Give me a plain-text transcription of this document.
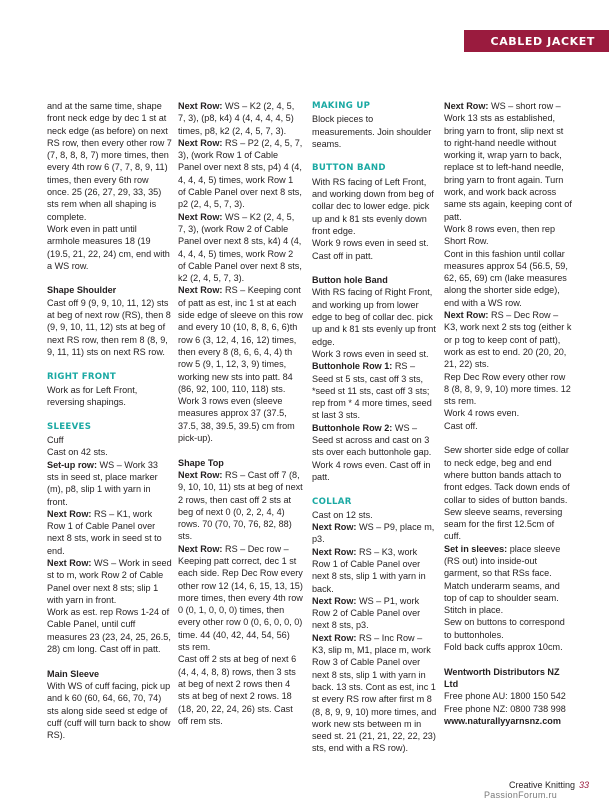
CABLED JACKET

and at the same time, shape front neck edge by dec 1 st at neck edge (as before) on next RS row, then every other row 7 (7, 8, 8, 8, 7) more times, then every 4th row 6 (7, 7, 8, 9, 11) times, then every 6th row once. 25 (26, 27, 29, 33, 35) sts rem when all shaping is complete.

Work even in patt until armhole measures 18 (19 (19.5, 21, 22, 24) cm, end with a WS row.

Shape Shoulder

Cast off 9 (9, 9, 10, 11, 12) sts at beg of next row (RS), then 8 (9, 9, 10, 11, 12) sts at beg of next RS row, then rem 8 (8, 9, 9, 11, 11) sts on next RS row.

RIGHT FRONT

Work as for Left Front, reversing shapings.

SLEEVES

Cuff

Cast on 42 sts.

Set-up row: WS – Work 33 sts in seed st, place marker (m), p8, slip 1 with yarn in front.

Next Row: RS – K1, work Row 1 of Cable Panel over next 8 sts, work in seed st to end.

Next Row: WS – Work in seed st to m, work Row 2 of Cable Panel over next 8 sts; slip 1 with yarn in front.

Work as est. rep Rows 1-24 of Cable Panel, until cuff measures 23 (23, 24, 25, 26.5, 28) cm long. Cast off in patt.

Main Sleeve

With WS of cuff facing, pick up and k 60 (60, 64, 66, 70, 74) sts along side seed st edge of cuff (cuff will turn back to show RS).

Next Row: WS – K2 (2, 4, 5, 7, 3), (p8, k4) 4 (4, 4, 4, 4, 5) times, p8, k2 (2, 4, 5, 7, 3).

Next Row: RS – P2 (2, 4, 5, 7, 3), (work Row 1 of Cable Panel over next 8 sts, p4) 4 (4, 4, 4, 4, 5) times, work Row 1 of Cable Panel over next 8 sts, p2 (2, 4, 5, 7, 3).

Next Row: WS – K2 (2, 4, 5, 7, 3), (work Row 2 of Cable Panel over next 8 sts, k4) 4 (4, 4, 4, 4, 5) times, work Row 2 of Cable Panel over next 8 sts, k2 (2, 4, 5, 7, 3).

Next Row: RS – Keeping cont of patt as est, inc 1 st at each side edge of sleeve on this row and every 10 (10, 8, 8, 6, 6)th row 6 (3, 12, 4, 16, 12) times, then every 8 (8, 6, 6, 4, 4) th row 5 (9, 1, 12, 3, 9) times, working new sts into patt. 84 (86, 92, 100, 110, 118) sts.

Work 3 rows even (sleeve measures approx 37 (37.5, 37.5, 38, 39.5, 39.5) cm from pick-up).

Shape Top

Next Row: RS – Cast off 7 (8, 9, 10, 10, 11) sts at beg of next 2 rows, then cast off 2 sts at beg of next 0 (0, 2, 2, 4, 4) rows. 70 (70, 70, 76, 82, 88) sts.

Next Row: RS – Dec row – Keeping patt correct, dec 1 st each side. Rep Dec Row every other row 12 (14, 6, 15, 13, 15) more times, then every 4th row 0 (0, 1, 0, 0, 0) times, then every other row 0 (0, 6, 0, 0, 0) time. 44 (40, 42, 44, 54, 56) sts rem.

Cast off 2 sts at beg of next 6 (4, 4, 4, 8, 8) rows, then 3 sts at beg of next 2 rows then 4 sts at beg of next 2 rows. 18 (18, 20, 22, 24, 26) sts. Cast off rem sts.

MAKING UP

Block pieces to measurements. Join shoulder seams.

BUTTON BAND

With RS facing of Left Front, and working down from beg of collar dec to lower edge. pick up and k 81 sts evenly down front edge.

Work 9 rows even in seed st. Cast off in patt.

Button hole Band

With RS facing of Right Front, and working up from lower edge to beg of collar dec. pick up and k 81 sts evenly up front edge.

Work 3 rows even in seed st.

Buttonhole Row 1: RS – Seed st 5 sts, cast off 3 sts, *seed st 11 sts, cast off 3 sts; rep from * 4 more times, seed st last 3 sts.

Buttonhole Row 2: WS – Seed st across and cast on 3 sts over each buttonhole gap. Work 4 rows even. Cast off in patt.

COLLAR

Cast on 12 sts.

Next Row: WS – P9, place m, p3.

Next Row: RS – K3, work Row 1 of Cable Panel over next 8 sts, slip 1 with yarn in back.

Next Row: WS – P1, work Row 2 of Cable Panel over next 8 sts, p3.

Next Row: RS – Inc Row – K3, slip m, M1, place m, work Row 3 of Cable Panel over next 8 sts, slip 1 with yarn in back. 13 sts. Cont as est, inc 1 st every RS row after first m 8 (8, 8, 9, 9, 10) more times, and work new sts between m in seed st. 21 (21, 21, 22, 22, 23) sts, end with a RS row).

Next Row: WS – short row – Work 13 sts as established, bring yarn to front, slip next st to right-hand needle without working it, wrap yarn to back, replace st to left-hand needle, bring yarn to front again. Turn work, and work back across same sts again, keeping cont of patt.

Work 8 rows even, then rep Short Row.

Cont in this fashion until collar measures approx 54 (56.5, 59, 62, 65, 69) cm (lake measures along the shorter side edge), end with a WS row.

Next Row: RS – Dec Row – K3, work next 2 sts tog (either k or p tog to keep cont of patt), work as est to end. 20 (20, 20, 21, 22) sts.

Rep Dec Row every other row 8 (8, 8, 9, 9, 10) more times. 12 sts rem.

Work 4 rows even.

Cast off.

Sew shorter side edge of collar to neck edge, beg and end where button bands attach to front edges. Tack down ends of collar to sides of button bands.

Sew sleeve seams, reversing seam for the first 12.5cm of cuff.

Set in sleeves: place sleeve (RS out) into inside-out garment, so that RSs face. Match underarm seams, and top of cap to shoulder seam. Stitch in place.

Sew on buttons to correspond to buttonholes.

Fold back cuffs approx 10cm.

Wentworth Distributors NZ Ltd

Free phone AU: 1800 150 542

Free phone NZ: 0800 738 998

www.naturallyyarnsnz.com

Creative Knitting 33
PassionForum.ru
